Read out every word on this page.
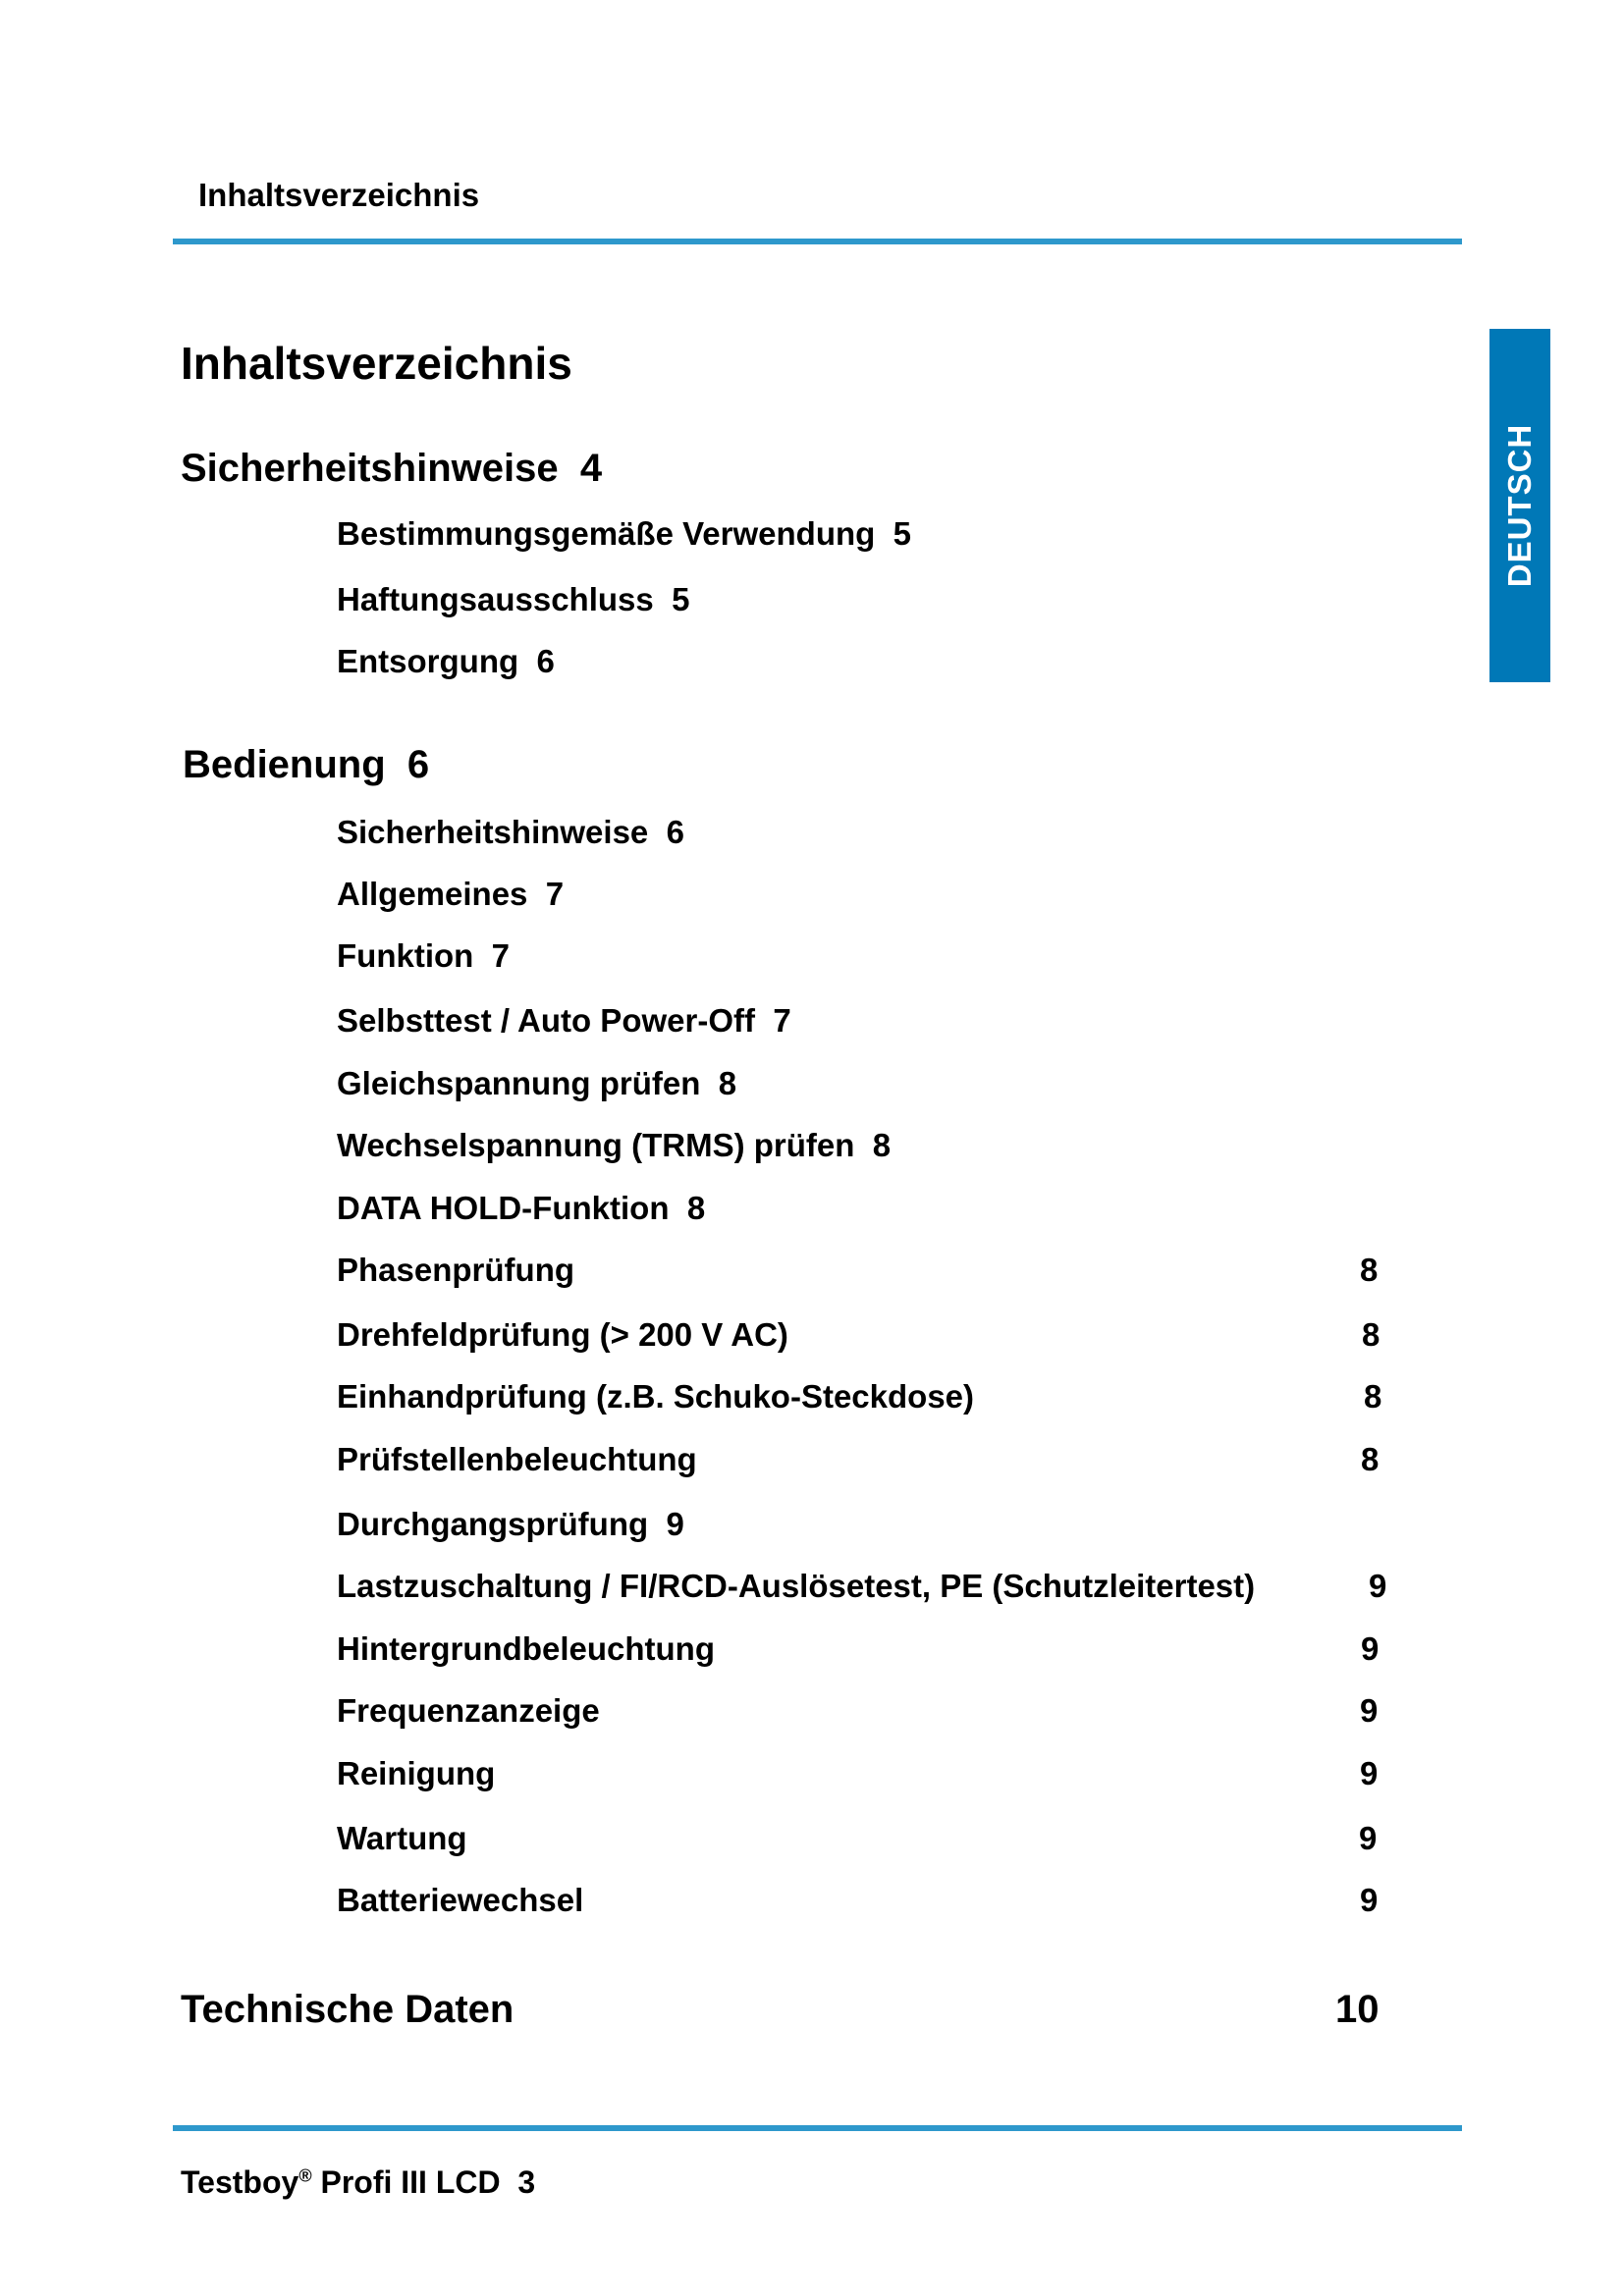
Inhaltsverzeichnis
DEUTSCH
Inhaltsverzeichnis
Sicherheitshinweise 4
Bestimmungsgemäße Verwendung 5
Haftungsausschluss 5
Entsorgung 6
Bedienung 6
Sicherheitshinweise 6
Allgemeines 7
Funktion 7
Selbsttest / Auto Power-Off 7
Gleichspannung prüfen 8
Wechselspannung (TRMS) prüfen 8
DATA HOLD-Funktion 8
Phasenprüfung	8
Drehfeldprüfung (> 200 V AC)	8
Einhandprüfung (z.B. Schuko-Steckdose)	8
Prüfstellenbeleuchtung	8
Durchgangsprüfung 9
Lastzuschaltung / FI/RCD-Auslösetest, PE (Schutzleitertest)	9
Hintergrundbeleuchtung	9
Frequenzanzeige	9
Reinigung	9
Wartung	9
Batteriewechsel	9
Technische Daten	10
Testboy® Profi III LCD 3
